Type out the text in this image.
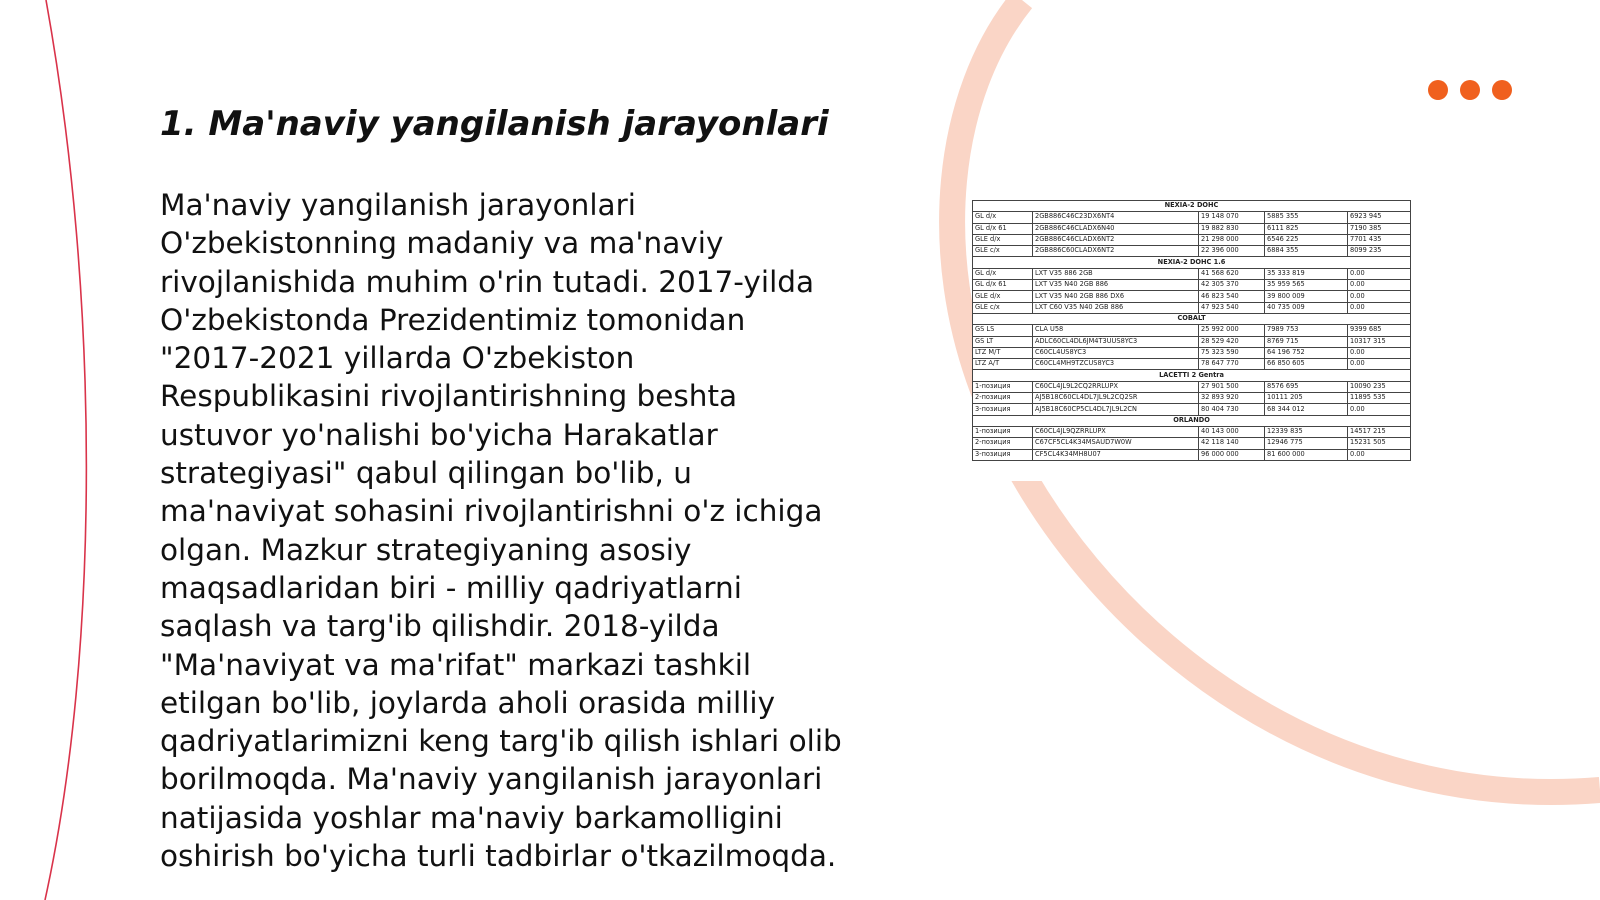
1. Ma'naviy yangilanish jarayonlari

Ma'naviy yangilanish jarayonlari O'zbekistonning madaniy va ma'naviy rivojlanishida muhim o'rin tutadi. 2017-yilda O'zbekistonda Prezidentimiz tomonidan "2017-2021 yillarda O'zbekiston Respublikasini rivojlantirishning beshta ustuvor yo'nalishi bo'yicha Harakatlar strategiyasi" qabul qilingan bo'lib, u ma'naviyat sohasini rivojlantirishni o'z ichiga olgan. Mazkur strategiyaning asosiy maqsadlaridan biri - milliy qadriyatlarni saqlash va targ'ib qilishdir. 2018-yilda "Ma'naviyat va ma'rifat" markazi tashkil etilgan bo'lib, joylarda aholi orasida milliy qadriyatlarimizni keng targ'ib qilish ishlari olib borilmoqda. Ma'naviy yangilanish jarayonlari natijasida yoshlar ma'naviy barkamolligini oshirish bo'yicha turli tadbirlar o'tkazilmoqda.

NEXIA-2 DOHC				
GL d/x	2GB886C46C23DX6NT4	19 148 070	5885 355	6923 945
GL d/x 61	2GB886C46CLADX6N40	19 882 830	6111 825	7190 385
GLE d/x	2GB886C46CLADX6NT2	21 298 000	6546 225	7701 435
GLE c/x	2GB886C60CLADX6NT2	22 396 000	6884 355	8099 235
NEXIA-2 DOHC 1.6				
GL d/x	LXT V35 886 2GB	41 568 620	35 333 819	0.00
GL d/x 61	LXT V35 N40 2GB 886	42 305 370	35 959 565	0.00
GLE d/x	LXT V35 N40 2GB 886 DX6	46 823 540	39 800 009	0.00
GLE c/x	LXT C60 V35 N40 2GB 886	47 923 540	40 735 009	0.00
COBALT				
GS LS	CLA U58	25 992 000	7989 753	9399 685
GS LT	ADLC60CL4DL6JM4T3UUS8YC3	28 529 420	8769 715	10317 315
LTZ M/T	C60CL4US8YC3	75 323 590	64 196 752	0.00
LTZ A/T	C60CL4MH9TZCUS8YC3	78 647 770	66 850 605	0.00
LACETTI 2 Gentra				
1-позиция	C60CL4JL9L2CQ2RRLUPX	27 901 500	8576 695	10090 235
2-позиция	AJ5B18C60CL4DL7JL9L2CQ2SR	32 893 920	10111 205	11895 535
3-позиция	AJ5B18C60CP5CL4DL7JL9L2CN	80 404 730	68 344 012	0.00
ORLANDO				
1-позиция	C60CL4JL9QZRRLUPX	40 143 000	12339 835	14517 215
2-позиция	C67CF5CL4K34MSAUD7W0W	42 118 140	12946 775	15231 505
3-позиция	CF5CL4K34MH8U07	96 000 000	81 600 000	0.00
